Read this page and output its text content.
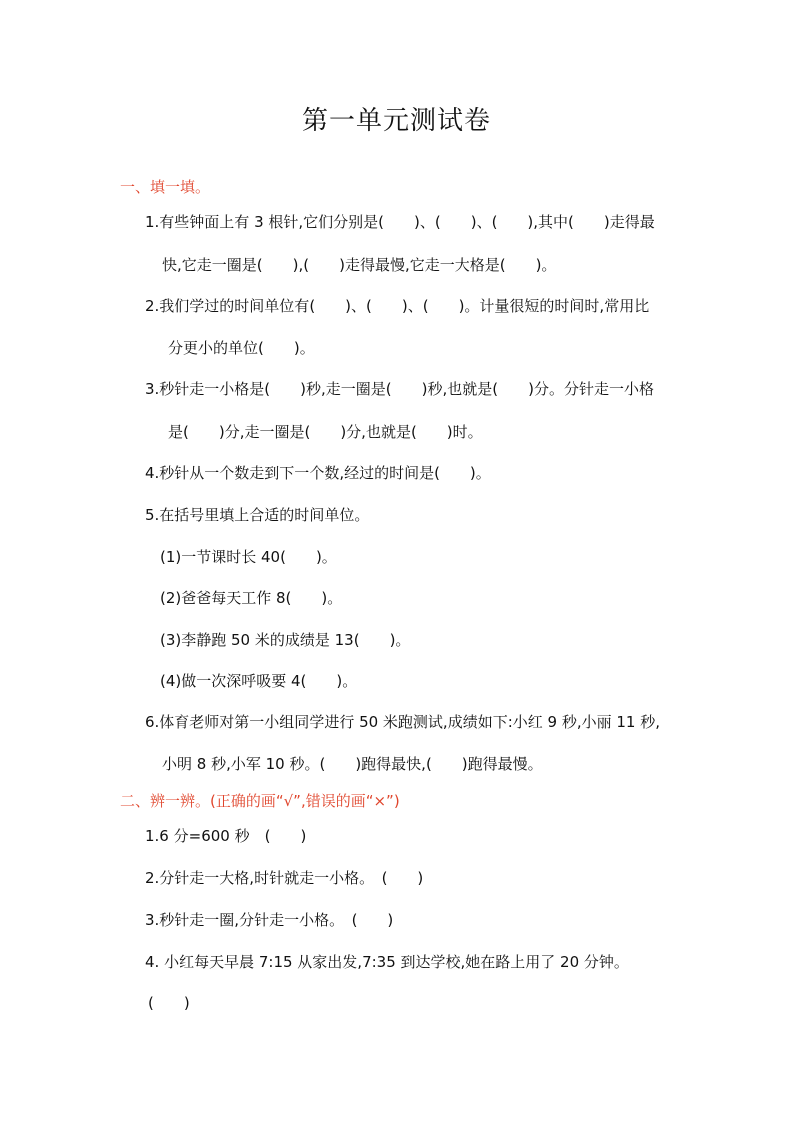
第一单元测试卷
一、填一填。
1.有些钟面上有 3 根针,它们分别是(　　)、(　　)、(　　),其中(　　)走得最
快,它走一圈是(　　),(　　)走得最慢,它走一大格是(　　)。
2.我们学过的时间单位有(　　)、(　　)、(　　)。计量很短的时间时,常用比
分更小的单位(　　)。
3.秒针走一小格是(　　)秒,走一圈是(　　)秒,也就是(　　)分。分针走一小格
是(　　)分,走一圈是(　　)分,也就是(　　)时。
4.秒针从一个数走到下一个数,经过的时间是(　　)。
5.在括号里填上合适的时间单位。
(1)一节课时长 40(　　)。
(2)爸爸每天工作 8(　　)。
(3)李静跑 50 米的成绩是 13(　　)。
(4)做一次深呼吸要 4(　　)。
6.体育老师对第一小组同学进行 50 米跑测试,成绩如下:小红 9 秒,小丽 11 秒,
小明 8 秒,小军 10 秒。(　　)跑得最快,(　　)跑得最慢。
二、辨一辨。(正确的画“√”,错误的画“×”)
1.6 分=600 秒　(　　)
2.分针走一大格,时针就走一小格。　(　　)
3.秒针走一圈,分针走一小格。　(　　)
4. 小红每天早晨 7:15 从家出发,7:35 到达学校,她在路上用了 20 分钟。
(　　)
